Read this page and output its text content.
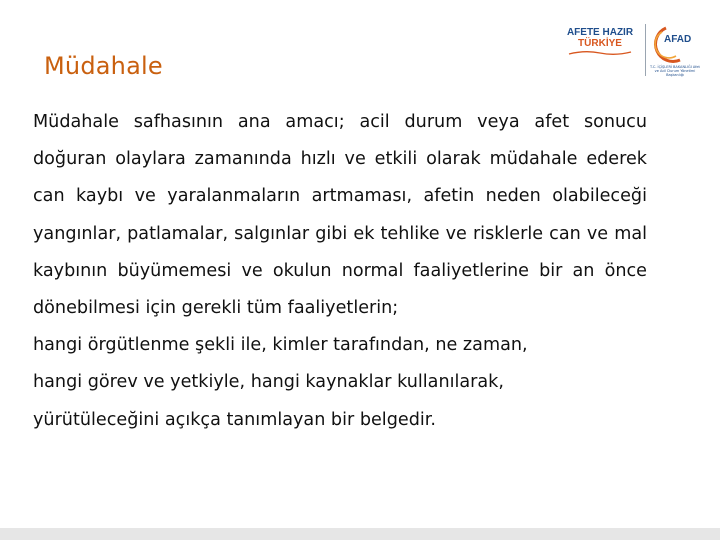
Müdahale
AFETE HAZIR
TÜRKİYE	AFAD
T.C. İÇİŞLERİ BAKANLIĞI Afet ve Acil Durum Yönetimi Başkanlığı
Müdahale safhasının ana amacı; acil durum veya afet sonucu doğuran olaylara zamanında hızlı ve etkili olarak müdahale ederek can kaybı ve yaralanmaların artmaması, afetin neden olabileceği yangınlar, patlamalar, salgınlar gibi ek tehlike ve risklerle can ve mal kaybının büyümemesi ve okulun normal faaliyetlerine bir an önce dönebilmesi için gerekli tüm faaliyetlerin;
hangi örgütlenme şekli ile, kimler tarafından, ne zaman,
hangi görev ve yetkiyle, hangi kaynaklar kullanılarak,
yürütüleceğini açıkça tanımlayan bir belgedir.
